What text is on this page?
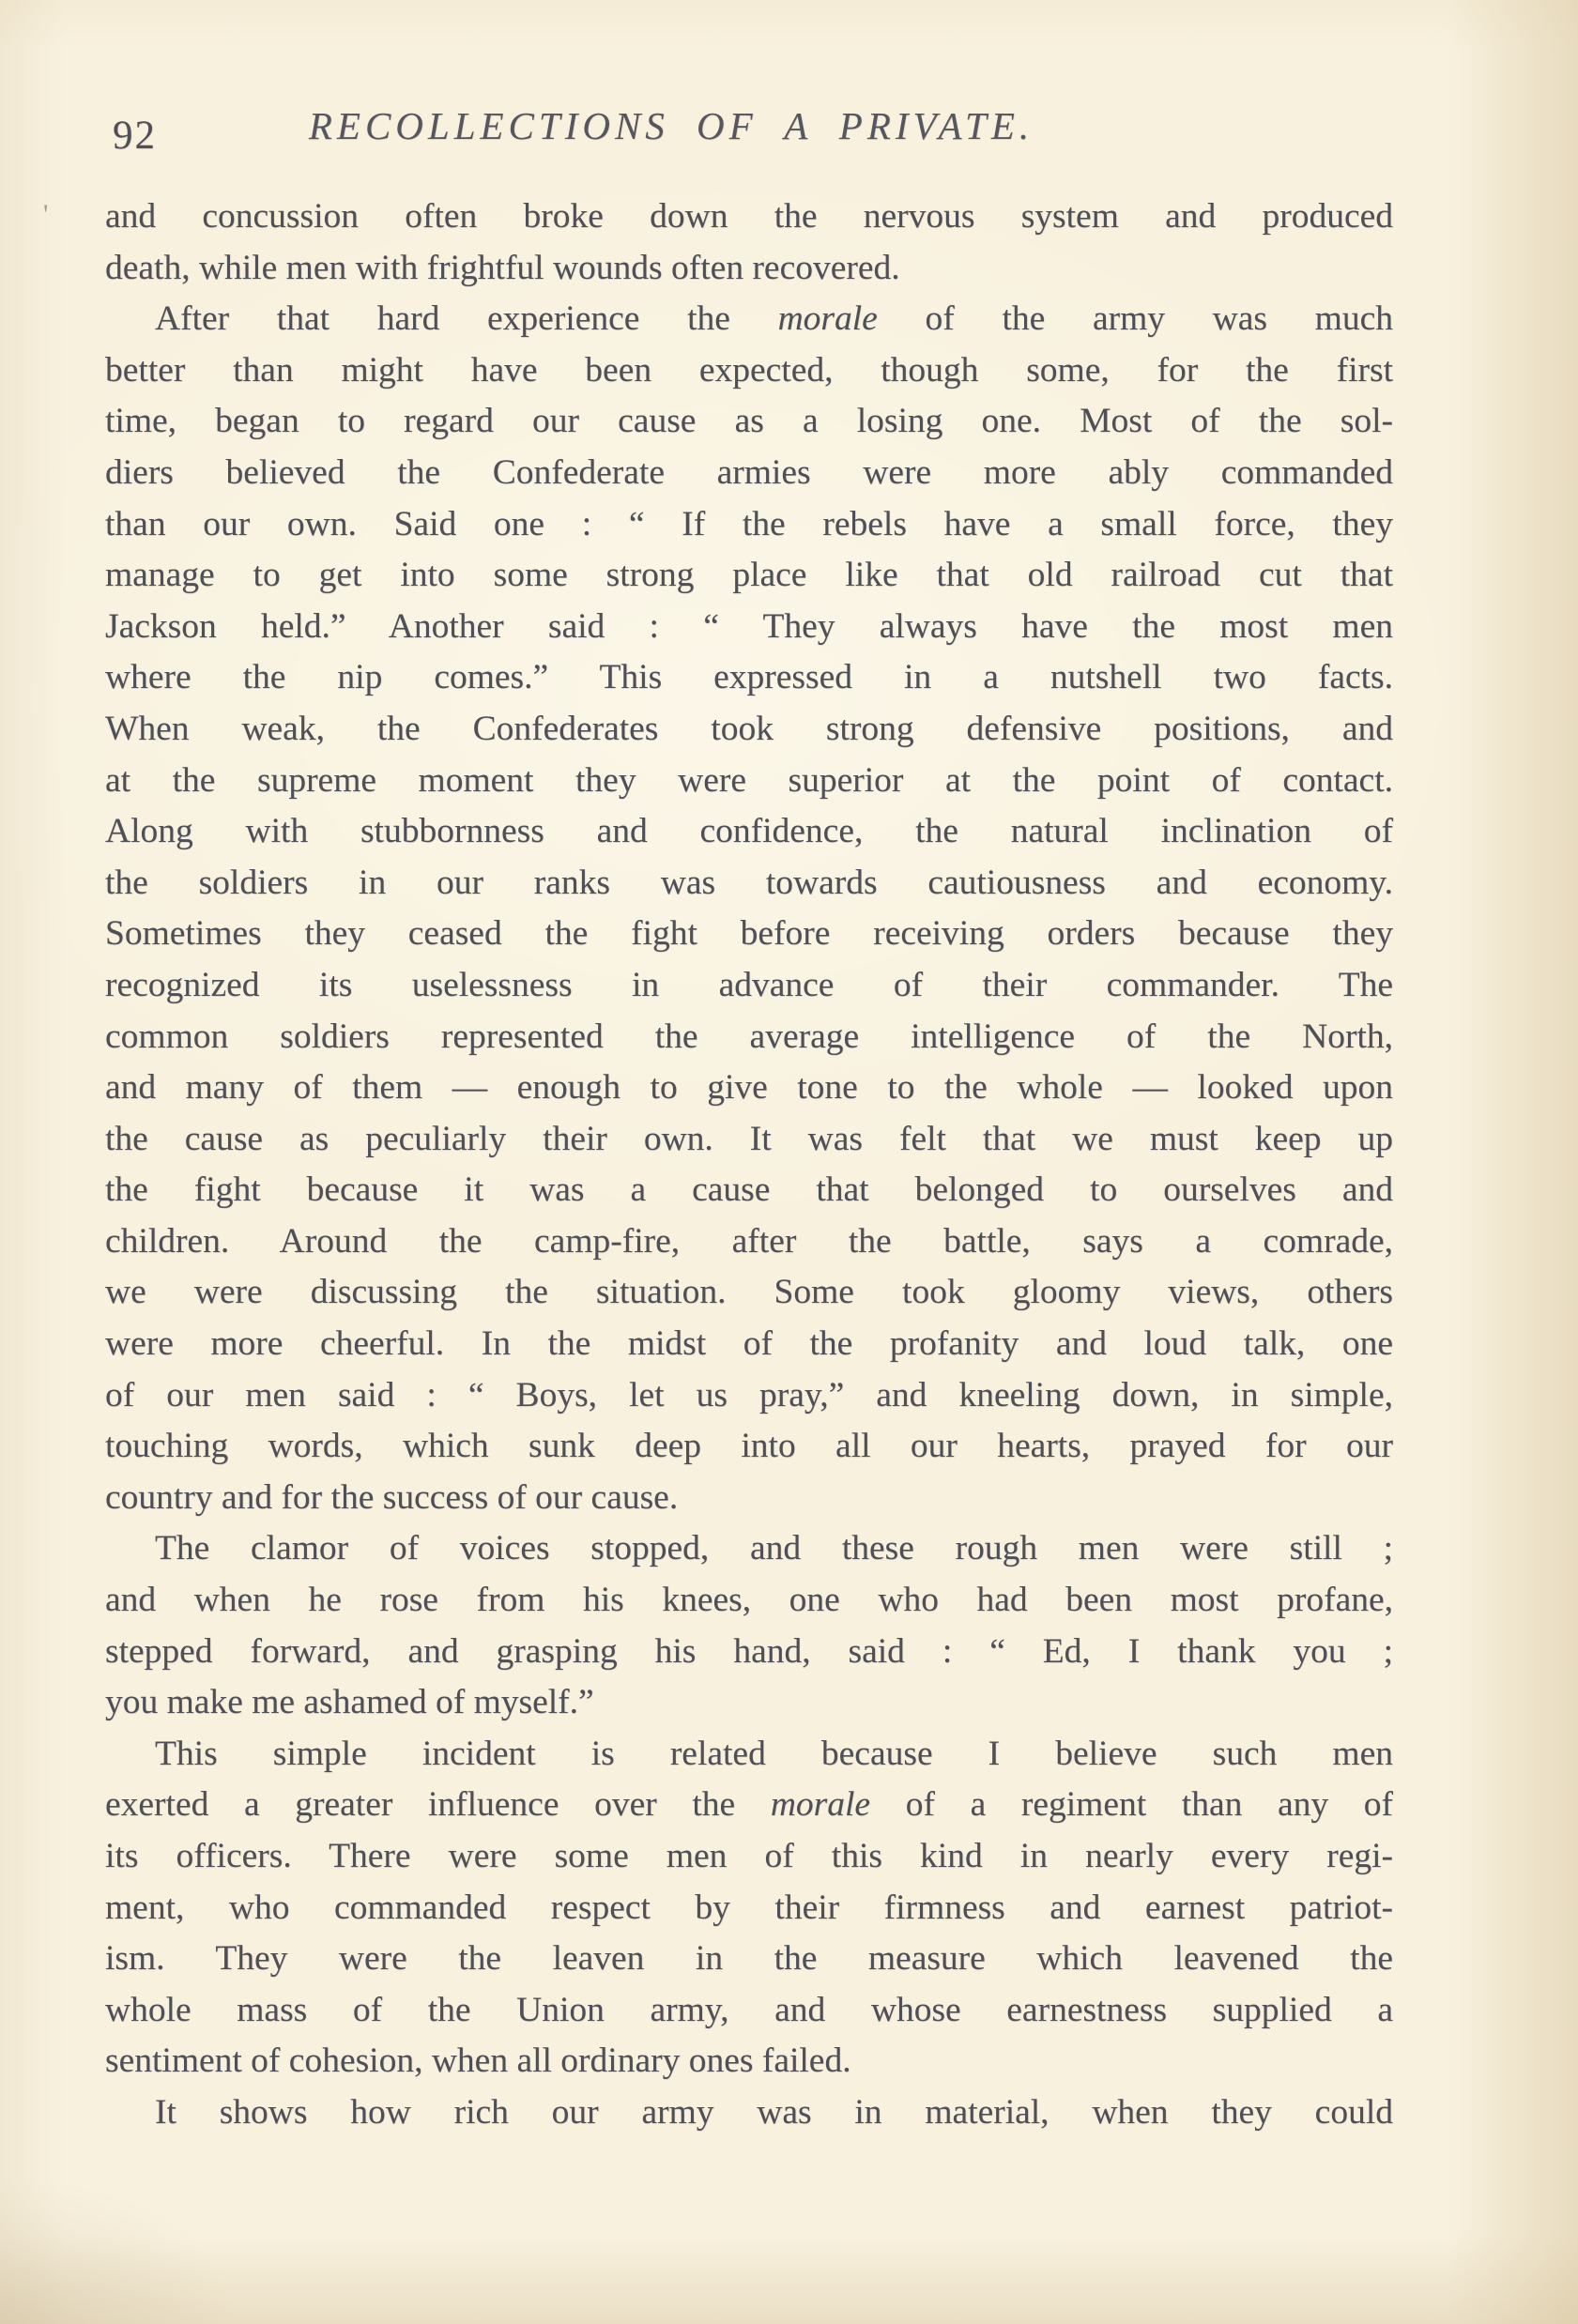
'
92	RECOLLECTIONS OF A PRIVATE.
and concussion often broke down the nervous system and produced
death, while men with frightful wounds often recovered.
After that hard experience the morale of the army was much
better than might have been expected, though some, for the first
time, began to regard our cause as a losing one. Most of the sol-
diers believed the Confederate armies were more ably commanded
than our own. Said one : “ If the rebels have a small force, they
manage to get into some strong place like that old railroad cut that
Jackson held.” Another said : “ They always have the most men
where the nip comes.” This expressed in a nutshell two facts.
When weak, the Confederates took strong defensive positions, and
at the supreme moment they were superior at the point of contact.
Along with stubbornness and confidence, the natural inclination of
the soldiers in our ranks was towards cautiousness and economy.
Sometimes they ceased the fight before receiving orders because they
recognized its uselessness in advance of their commander. The
common soldiers represented the average intelligence of the North,
and many of them — enough to give tone to the whole — looked upon
the cause as peculiarly their own. It was felt that we must keep up
the fight because it was a cause that belonged to ourselves and
children. Around the camp-fire, after the battle, says a comrade,
we were discussing the situation. Some took gloomy views, others
were more cheerful. In the midst of the profanity and loud talk, one
of our men said : “ Boys, let us pray,” and kneeling down, in simple,
touching words, which sunk deep into all our hearts, prayed for our
country and for the success of our cause.
The clamor of voices stopped, and these rough men were still ;
and when he rose from his knees, one who had been most profane,
stepped forward, and grasping his hand, said : “ Ed, I thank you ;
you make me ashamed of myself.”
This simple incident is related because I believe such men
exerted a greater influence over the morale of a regiment than any of
its officers. There were some men of this kind in nearly every regi-
ment, who commanded respect by their firmness and earnest patriot-
ism. They were the leaven in the measure which leavened the
whole mass of the Union army, and whose earnestness supplied a
sentiment of cohesion, when all ordinary ones failed.
It shows how rich our army was in material, when they could
